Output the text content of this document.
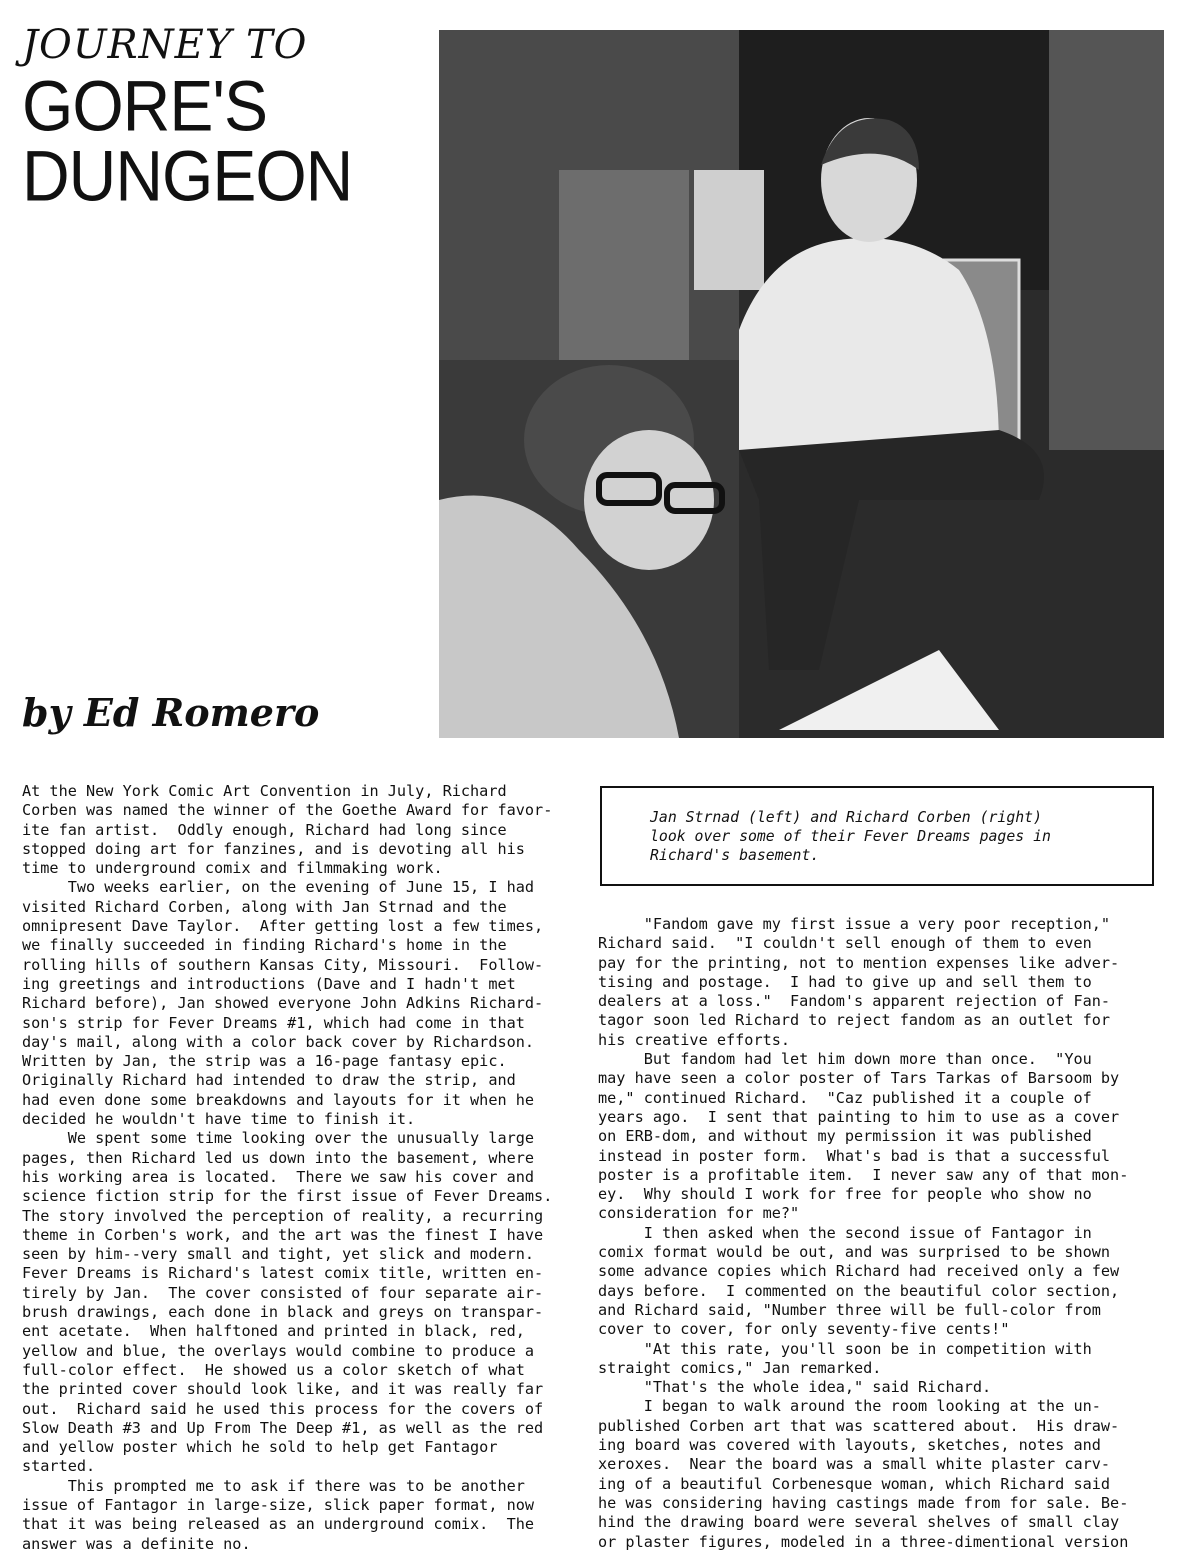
JOURNEY TO
GORE'S
DUNGEON
by Ed Romero
At the New York Comic Art Convention in July, Richard
Corben was named the winner of the Goethe Award for favor-
ite fan artist.  Oddly enough, Richard had long since
stopped doing art for fanzines, and is devoting all his
time to underground comix and filmmaking work.
Two weeks earlier, on the evening of June 15, I had
visited Richard Corben, along with Jan Strnad and the
omnipresent Dave Taylor.  After getting lost a few times,
we finally succeeded in finding Richard's home in the
rolling hills of southern Kansas City, Missouri.  Follow-
ing greetings and introductions (Dave and I hadn't met
Richard before), Jan showed everyone John Adkins Richard-
son's strip for Fever Dreams #1, which had come in that
day's mail, along with a color back cover by Richardson.
Written by Jan, the strip was a 16-page fantasy epic.
Originally Richard had intended to draw the strip, and
had even done some breakdowns and layouts for it when he
decided he wouldn't have time to finish it.
We spent some time looking over the unusually large
pages, then Richard led us down into the basement, where
his working area is located.  There we saw his cover and
science fiction strip for the first issue of Fever Dreams.
The story involved the perception of reality, a recurring
theme in Corben's work, and the art was the finest I have
seen by him--very small and tight, yet slick and modern.
Fever Dreams is Richard's latest comix title, written en-
tirely by Jan.  The cover consisted of four separate air-
brush drawings, each done in black and greys on transpar-
ent acetate.  When halftoned and printed in black, red,
yellow and blue, the overlays would combine to produce a
full-color effect.  He showed us a color sketch of what
the printed cover should look like, and it was really far
out.  Richard said he used this process for the covers of
Slow Death #3 and Up From The Deep #1, as well as the red
and yellow poster which he sold to help get Fantagor
started.
This prompted me to ask if there was to be another
issue of Fantagor in large-size, slick paper format, now
that it was being released as an underground comix.  The
answer was a definite no.
Jan Strnad (left) and Richard Corben (right)
look over some of their Fever Dreams pages in
Richard's basement.
"Fandom gave my first issue a very poor reception,"
Richard said.  "I couldn't sell enough of them to even
pay for the printing, not to mention expenses like adver-
tising and postage.  I had to give up and sell them to
dealers at a loss."  Fandom's apparent rejection of Fan-
tagor soon led Richard to reject fandom as an outlet for
his creative efforts.
But fandom had let him down more than once.  "You
may have seen a color poster of Tars Tarkas of Barsoom by
me," continued Richard.  "Caz published it a couple of
years ago.  I sent that painting to him to use as a cover
on ERB-dom, and without my permission it was published
instead in poster form.  What's bad is that a successful
poster is a profitable item.  I never saw any of that mon-
ey.  Why should I work for free for people who show no
consideration for me?"
I then asked when the second issue of Fantagor in
comix format would be out, and was surprised to be shown
some advance copies which Richard had received only a few
days before.  I commented on the beautiful color section,
and Richard said, "Number three will be full-color from
cover to cover, for only seventy-five cents!"
"At this rate, you'll soon be in competition with
straight comics," Jan remarked.
"That's the whole idea," said Richard.
I began to walk around the room looking at the un-
published Corben art that was scattered about.  His draw-
ing board was covered with layouts, sketches, notes and
xeroxes.  Near the board was a small white plaster carv-
ing of a beautiful Corbenesque woman, which Richard said
he was considering having castings made from for sale. Be-
hind the drawing board were several shelves of small clay
or plaster figures, modeled in a three-dimentional version
